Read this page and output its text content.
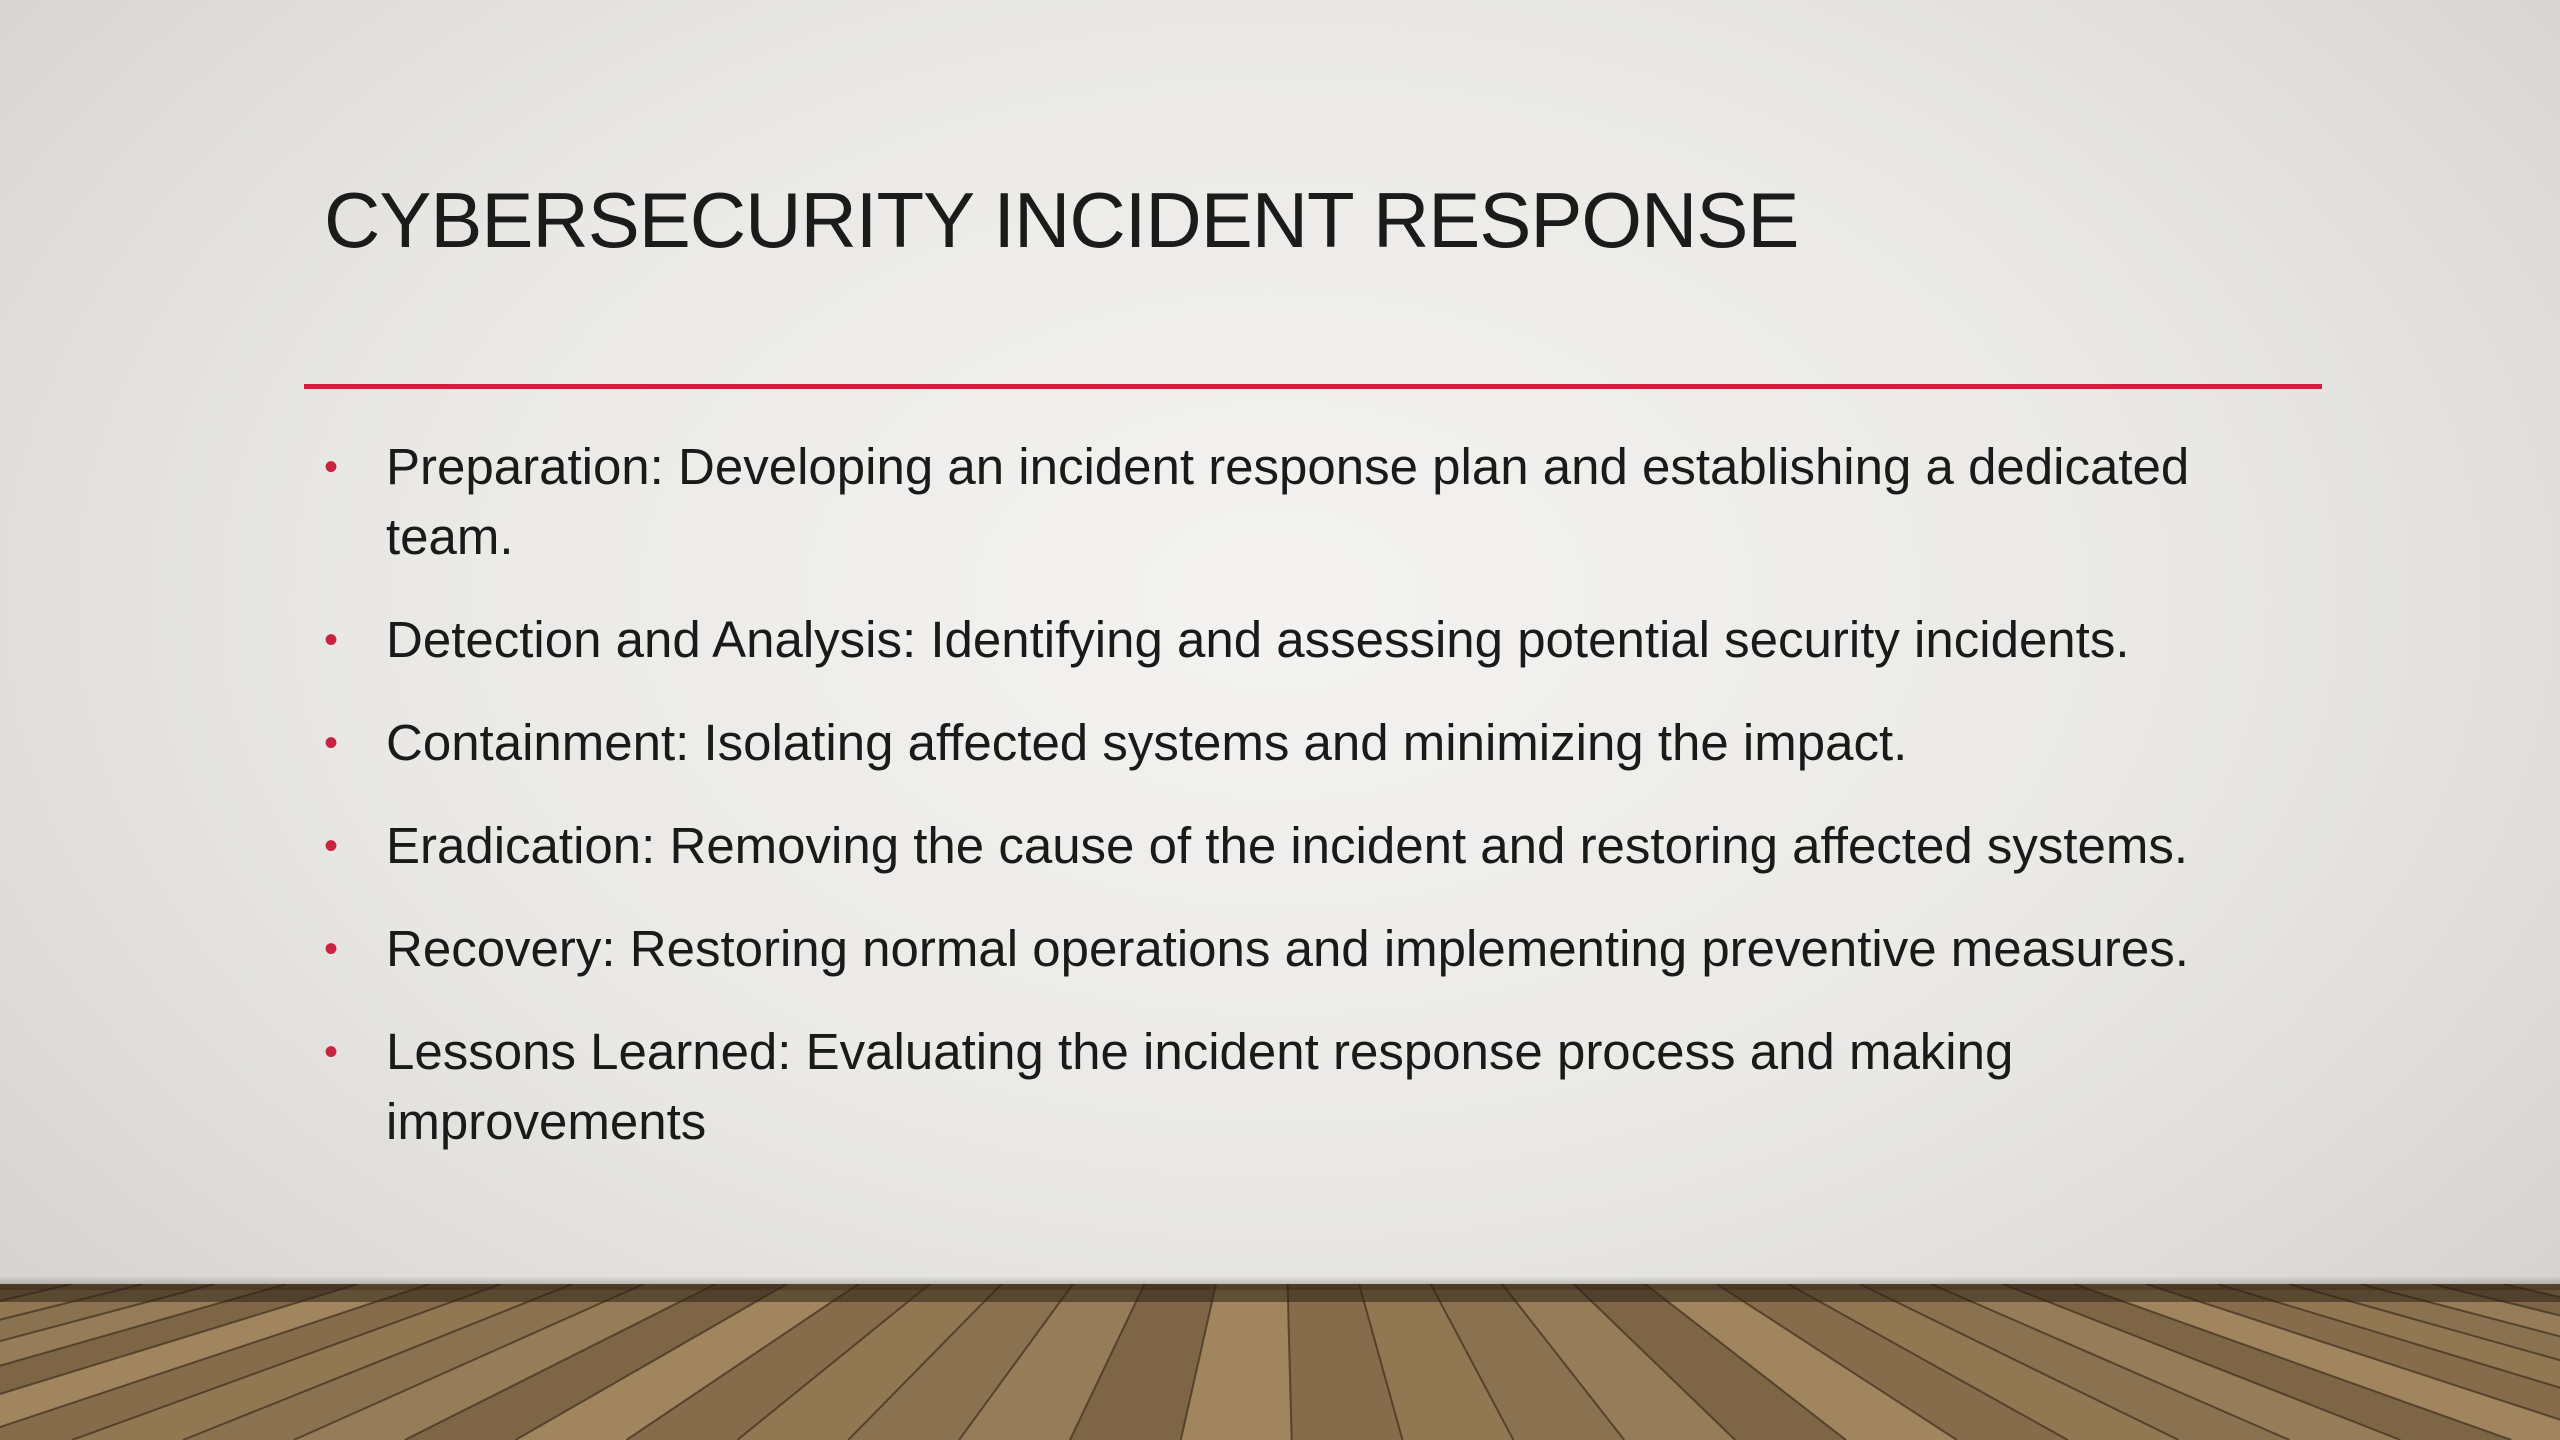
CYBERSECURITY INCIDENT RESPONSE
• Preparation: Developing an incident response plan and establishing a dedicated team.
• Detection and Analysis: Identifying and assessing potential security incidents.
• Containment: Isolating affected systems and minimizing the impact.
• Eradication: Removing the cause of the incident and restoring affected systems.
• Recovery: Restoring normal operations and implementing preventive measures.
• Lessons Learned: Evaluating the incident response process and making improvements
